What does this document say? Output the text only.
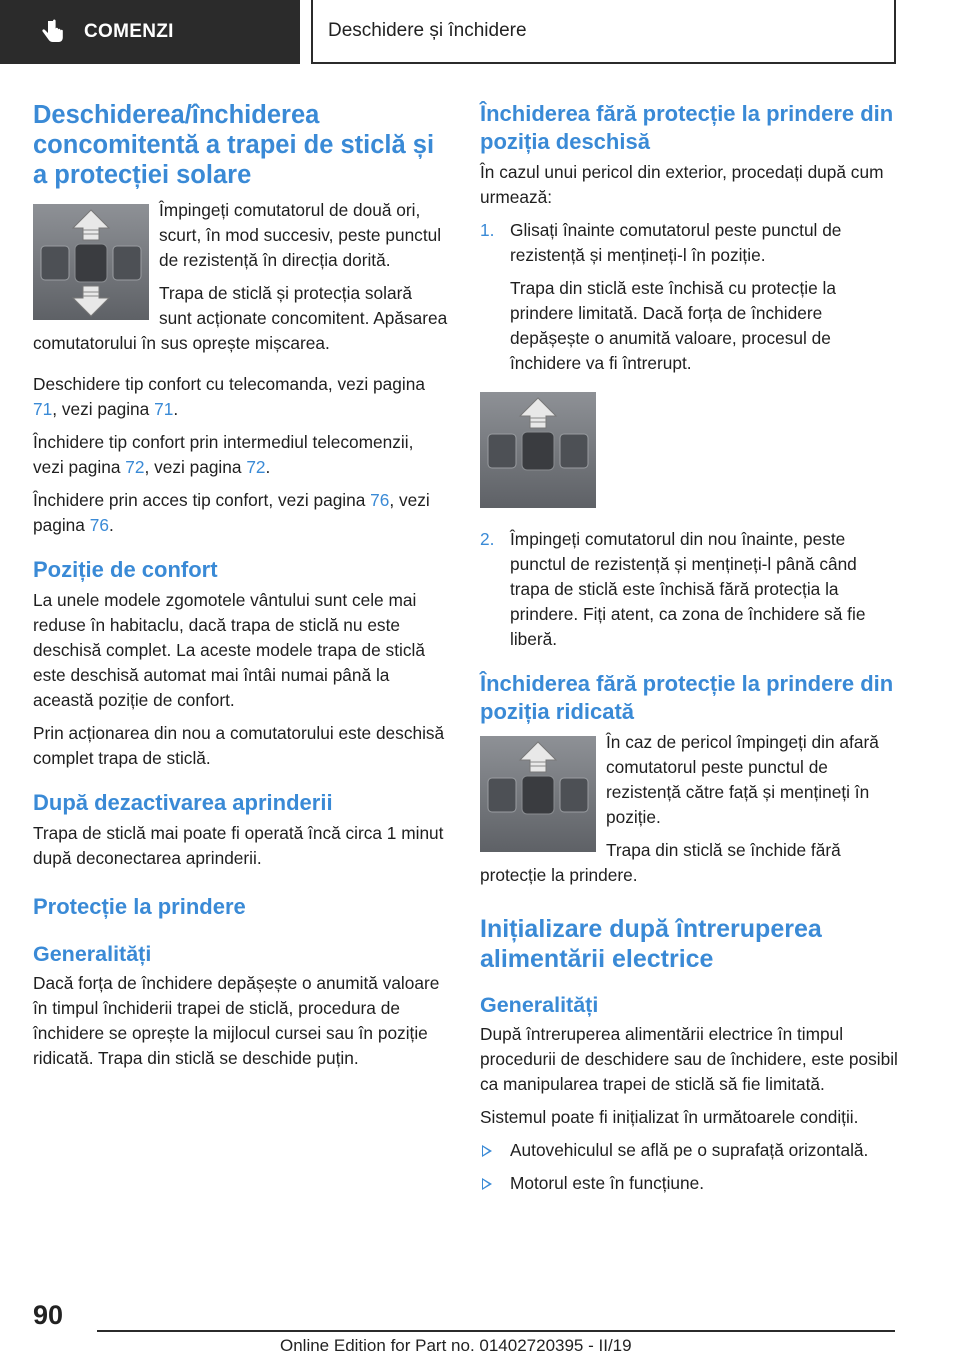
COMENZI	Deschidere și închidere
Deschiderea/închiderea concomitentă a trapei de sticlă și a protecției solare

Împingeți comutatorul de două ori, scurt, în mod succesiv, peste punctul de rezistență în direcția dorită.

Trapa de sticlă și protecția solară sunt acționate concomitent. Apăsarea comutatorului în sus oprește mișcarea.

Deschidere tip confort cu telecomanda, vezi pagina 71, vezi pagina 71.

Închidere tip confort prin intermediul telecomenzii, vezi pagina 72, vezi pagina 72.

Închidere prin acces tip confort, vezi pagina 76, vezi pagina 76.

Poziție de confort

La unele modele zgomotele vântului sunt cele mai reduse în habitaclu, dacă trapa de sticlă nu este deschisă complet. La aceste modele trapa de sticlă este deschisă automat mai întâi numai până la această poziție de confort.

Prin acționarea din nou a comutatorului este deschisă complet trapa de sticlă.

După dezactivarea aprinderii

Trapa de sticlă mai poate fi operată încă circa 1 minut după deconectarea aprinderii.

Protecție la prindere
Generalități

Dacă forța de închidere depășește o anumită valoare în timpul închiderii trapei de sticlă, procedura de închidere se oprește la mijlocul cursei sau în poziție ridicată. Trapa din sticlă se deschide puțin.

Închiderea fără protecție la prindere din poziția deschisă

În cazul unui pericol din exterior, procedați după cum urmează:

1. Glisați înainte comutatorul peste punctul de rezistență și mențineți-l în poziție.

Trapa din sticlă este închisă cu protecție la prindere limitată. Dacă forța de închidere depășește o anumită valoare, procesul de închidere va fi întrerupt.

2. Împingeți comutatorul din nou înainte, peste punctul de rezistență și mențineți-l până când trapa de sticlă este închisă fără protecția la prindere. Fiți atent, ca zona de închidere să fie liberă.

Închiderea fără protecție la prindere din poziția ridicată

În caz de pericol împingeți din afară comutatorul peste punctul de rezistență către față și mențineți în poziție.

Trapa din sticlă se închide fără protecție la prindere.

Inițializare după întreruperea alimentării electrice
Generalități

După întreruperea alimentării electrice în timpul procedurii de deschidere sau de închidere, este posibil ca manipularea trapei de sticlă să fie limitată.

Sistemul poate fi inițializat în următoarele condiții.

Autovehiculul se află pe o suprafață orizontală.

Motorul este în funcțiune.

90
Online Edition for Part no. 01402720395 - II/19
